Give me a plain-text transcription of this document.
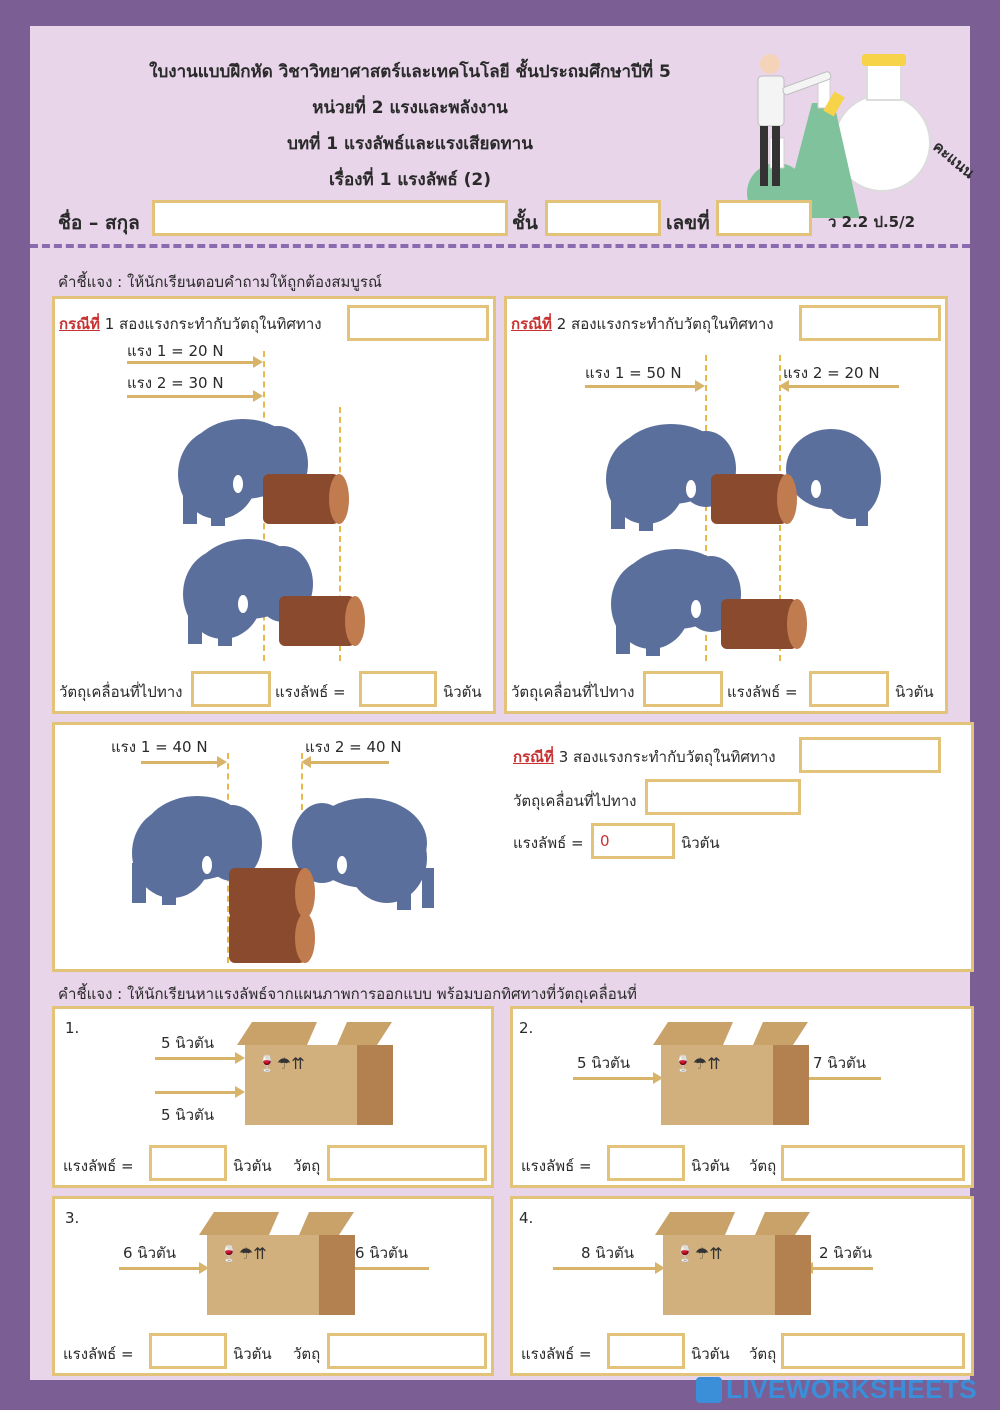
คะแนน
ใบงานแบบฝึกหัด วิชาวิทยาศาสตร์และเทคโนโลยี ชั้นประถมศึกษาปีที่ 5
หน่วยที่ 2 แรงและพลังงาน
บทที่ 1 แรงลัพธ์และแรงเสียดทาน
เรื่องที่ 1 แรงลัพธ์ (2)
ชื่อ – สกุล	ชั้น	เลขที่	ว 2.2 ป.5/2
คำชี้แจง : ให้นักเรียนตอบคำถามให้ถูกต้องสมบูรณ์
กรณีที่ 1 สองแรงกระทำกับวัตถุในทิศทาง
แรง 1 = 20 N
แรง 2 = 30 N
วัตถุเคลื่อนที่ไปทาง	แรงลัพธ์ =	นิวตัน
กรณีที่ 2 สองแรงกระทำกับวัตถุในทิศทาง
แรง 1 = 50 N	แรง 2 = 20 N
วัตถุเคลื่อนที่ไปทาง	แรงลัพธ์ =	นิวตัน
แรง 1 = 40 N	แรง 2 = 40 N
กรณีที่ 3 สองแรงกระทำกับวัตถุในทิศทาง
วัตถุเคลื่อนที่ไปทาง
แรงลัพธ์ =	0	นิวตัน
คำชี้แจง : ให้นักเรียนหาแรงลัพธ์จากแผนภาพการออกแบบ พร้อมบอกทิศทางที่วัตถุเคลื่อนที่
1.
5 นิวตัน
5 นิวตัน
🍷☂⇈
แรงลัพธ์ =	นิวตัน วัตถุ
2.
5 นิวตัน	7 นิวตัน
🍷☂⇈
แรงลัพธ์ =	นิวตัน วัตถุ
3.
6 นิวตัน	6 นิวตัน
🍷☂⇈
แรงลัพธ์ =	นิวตัน วัตถุ
4.
8 นิวตัน	2 นิวตัน
🍷☂⇈
แรงลัพธ์ =	นิวตัน วัตถุ
LIVEWORKSHEETS
